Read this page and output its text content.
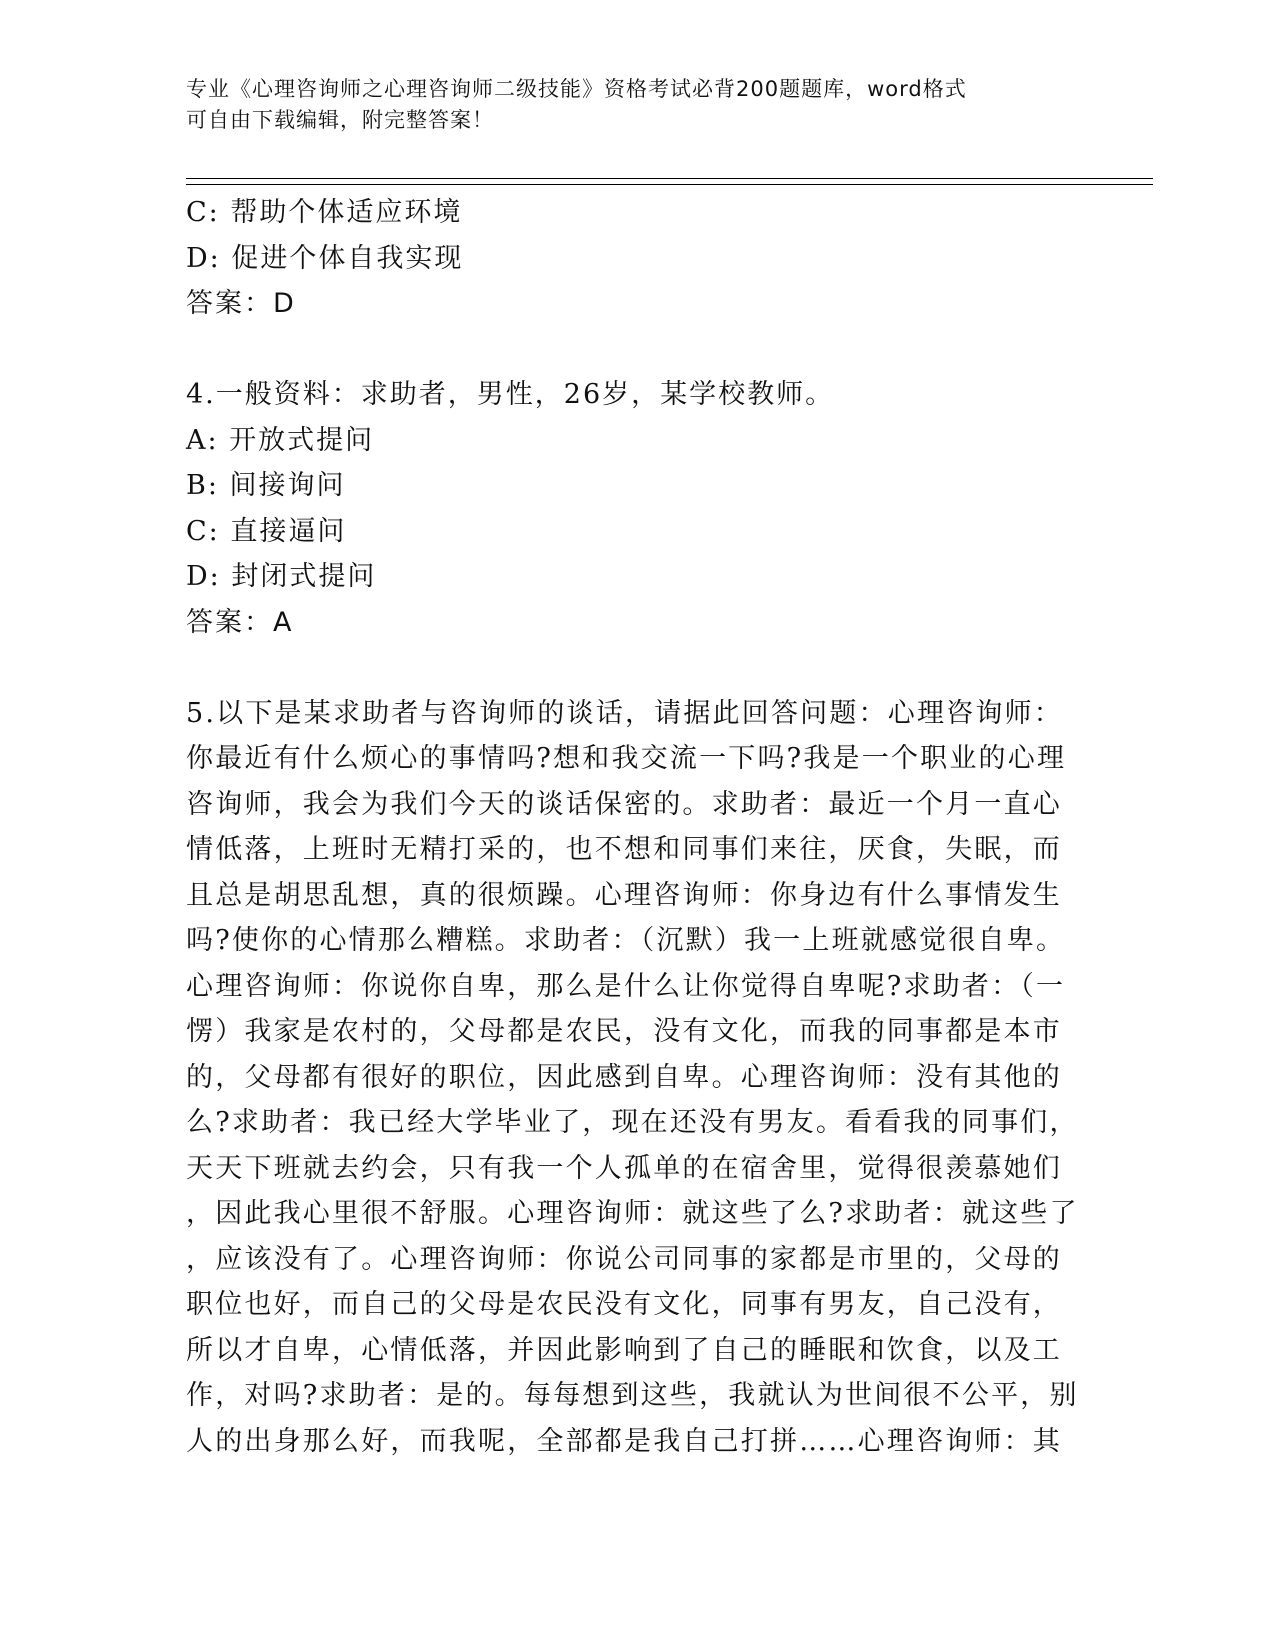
专业《心理咨询师之心理咨询师二级技能》资格考试必背200题题库，word格式
可自由下载编辑，附完整答案！
C: 帮助个体适应环境
D: 促进个体自我实现
答案：D
4.一般资料：求助者，男性，26岁，某学校教师。
A: 开放式提问
B: 间接询问
C: 直接逼问
D: 封闭式提问
答案：A
5.以下是某求助者与咨询师的谈话，请据此回答问题：心理咨询师：
你最近有什么烦心的事情吗?想和我交流一下吗?我是一个职业的心理
咨询师，我会为我们今天的谈话保密的。求助者：最近一个月一直心
情低落，上班时无精打采的，也不想和同事们来往，厌食，失眠，而
且总是胡思乱想，真的很烦躁。心理咨询师：你身边有什么事情发生
吗?使你的心情那么糟糕。求助者：（沉默）我一上班就感觉很自卑。
心理咨询师：你说你自卑，那么是什么让你觉得自卑呢?求助者：（一
愣）我家是农村的，父母都是农民，没有文化，而我的同事都是本市
的，父母都有很好的职位，因此感到自卑。心理咨询师：没有其他的
么?求助者：我已经大学毕业了，现在还没有男友。看看我的同事们，
天天下班就去约会，只有我一个人孤单的在宿舍里，觉得很羡慕她们
，因此我心里很不舒服。心理咨询师：就这些了么?求助者：就这些了
，应该没有了。心理咨询师：你说公司同事的家都是市里的，父母的
职位也好，而自己的父母是农民没有文化，同事有男友，自己没有，
所以才自卑，心情低落，并因此影响到了自己的睡眠和饮食，以及工
作，对吗?求助者：是的。每每想到这些，我就认为世间很不公平，别
人的出身那么好，而我呢，全部都是我自己打拼……心理咨询师：其
